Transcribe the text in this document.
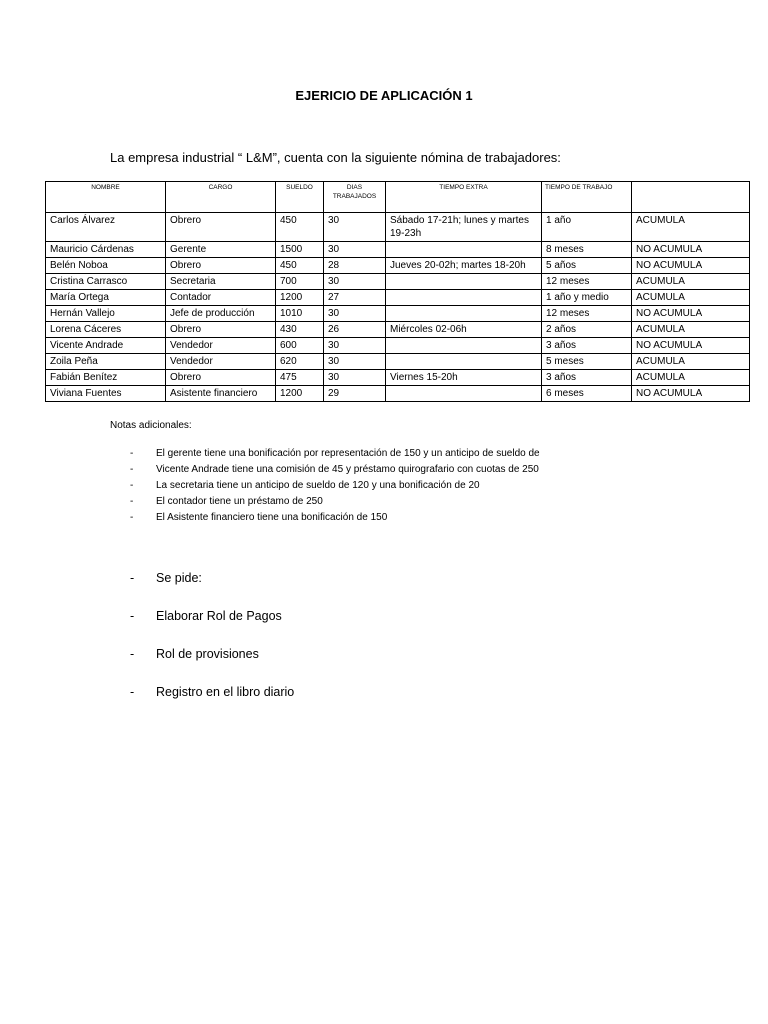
EJERICIO DE APLICACIÓN 1
La empresa industrial “ L&M”, cuenta con la siguiente nómina de trabajadores:
NOMBRE	CARGO	SUELDO	DIAS TRABAJADOS	TIEMPO EXTRA	TIEMPO DE TRABAJO	
Carlos Álvarez	Obrero	450	30	Sábado 17-21h; lunes y martes 19-23h	1 año	ACUMULA
Mauricio Cárdenas	Gerente	1500	30		8 meses	NO ACUMULA
Belén Noboa	Obrero	450	28	Jueves 20-02h; martes 18-20h	5 años	NO ACUMULA
Cristina Carrasco	Secretaria	700	30		12 meses	ACUMULA
María Ortega	Contador	1200	27		1 año y medio	ACUMULA
Hernán Vallejo	Jefe de producción	1010	30		12 meses	NO ACUMULA
Lorena Cáceres	Obrero	430	26	Miércoles 02-06h	2 años	ACUMULA
Vicente Andrade	Vendedor	600	30		3 años	NO ACUMULA
Zoila Peña	Vendedor	620	30		5 meses	ACUMULA
Fabián Benítez	Obrero	475	30	Viernes 15-20h	3 años	ACUMULA
Viviana Fuentes	Asistente financiero	1200	29		6 meses	NO ACUMULA
Notas adicionales:
- El gerente tiene una bonificación por representación de 150 y un anticipo de sueldo de
- Vicente Andrade tiene una comisión de 45 y préstamo quirografario con cuotas de 250
- La secretaria tiene un anticipo de sueldo de 120 y una bonificación de 20
- El contador tiene un préstamo de 250
- El Asistente financiero tiene una bonificación de 150
- Se pide:
- Elaborar Rol de Pagos
- Rol de provisiones
- Registro en el libro diario
